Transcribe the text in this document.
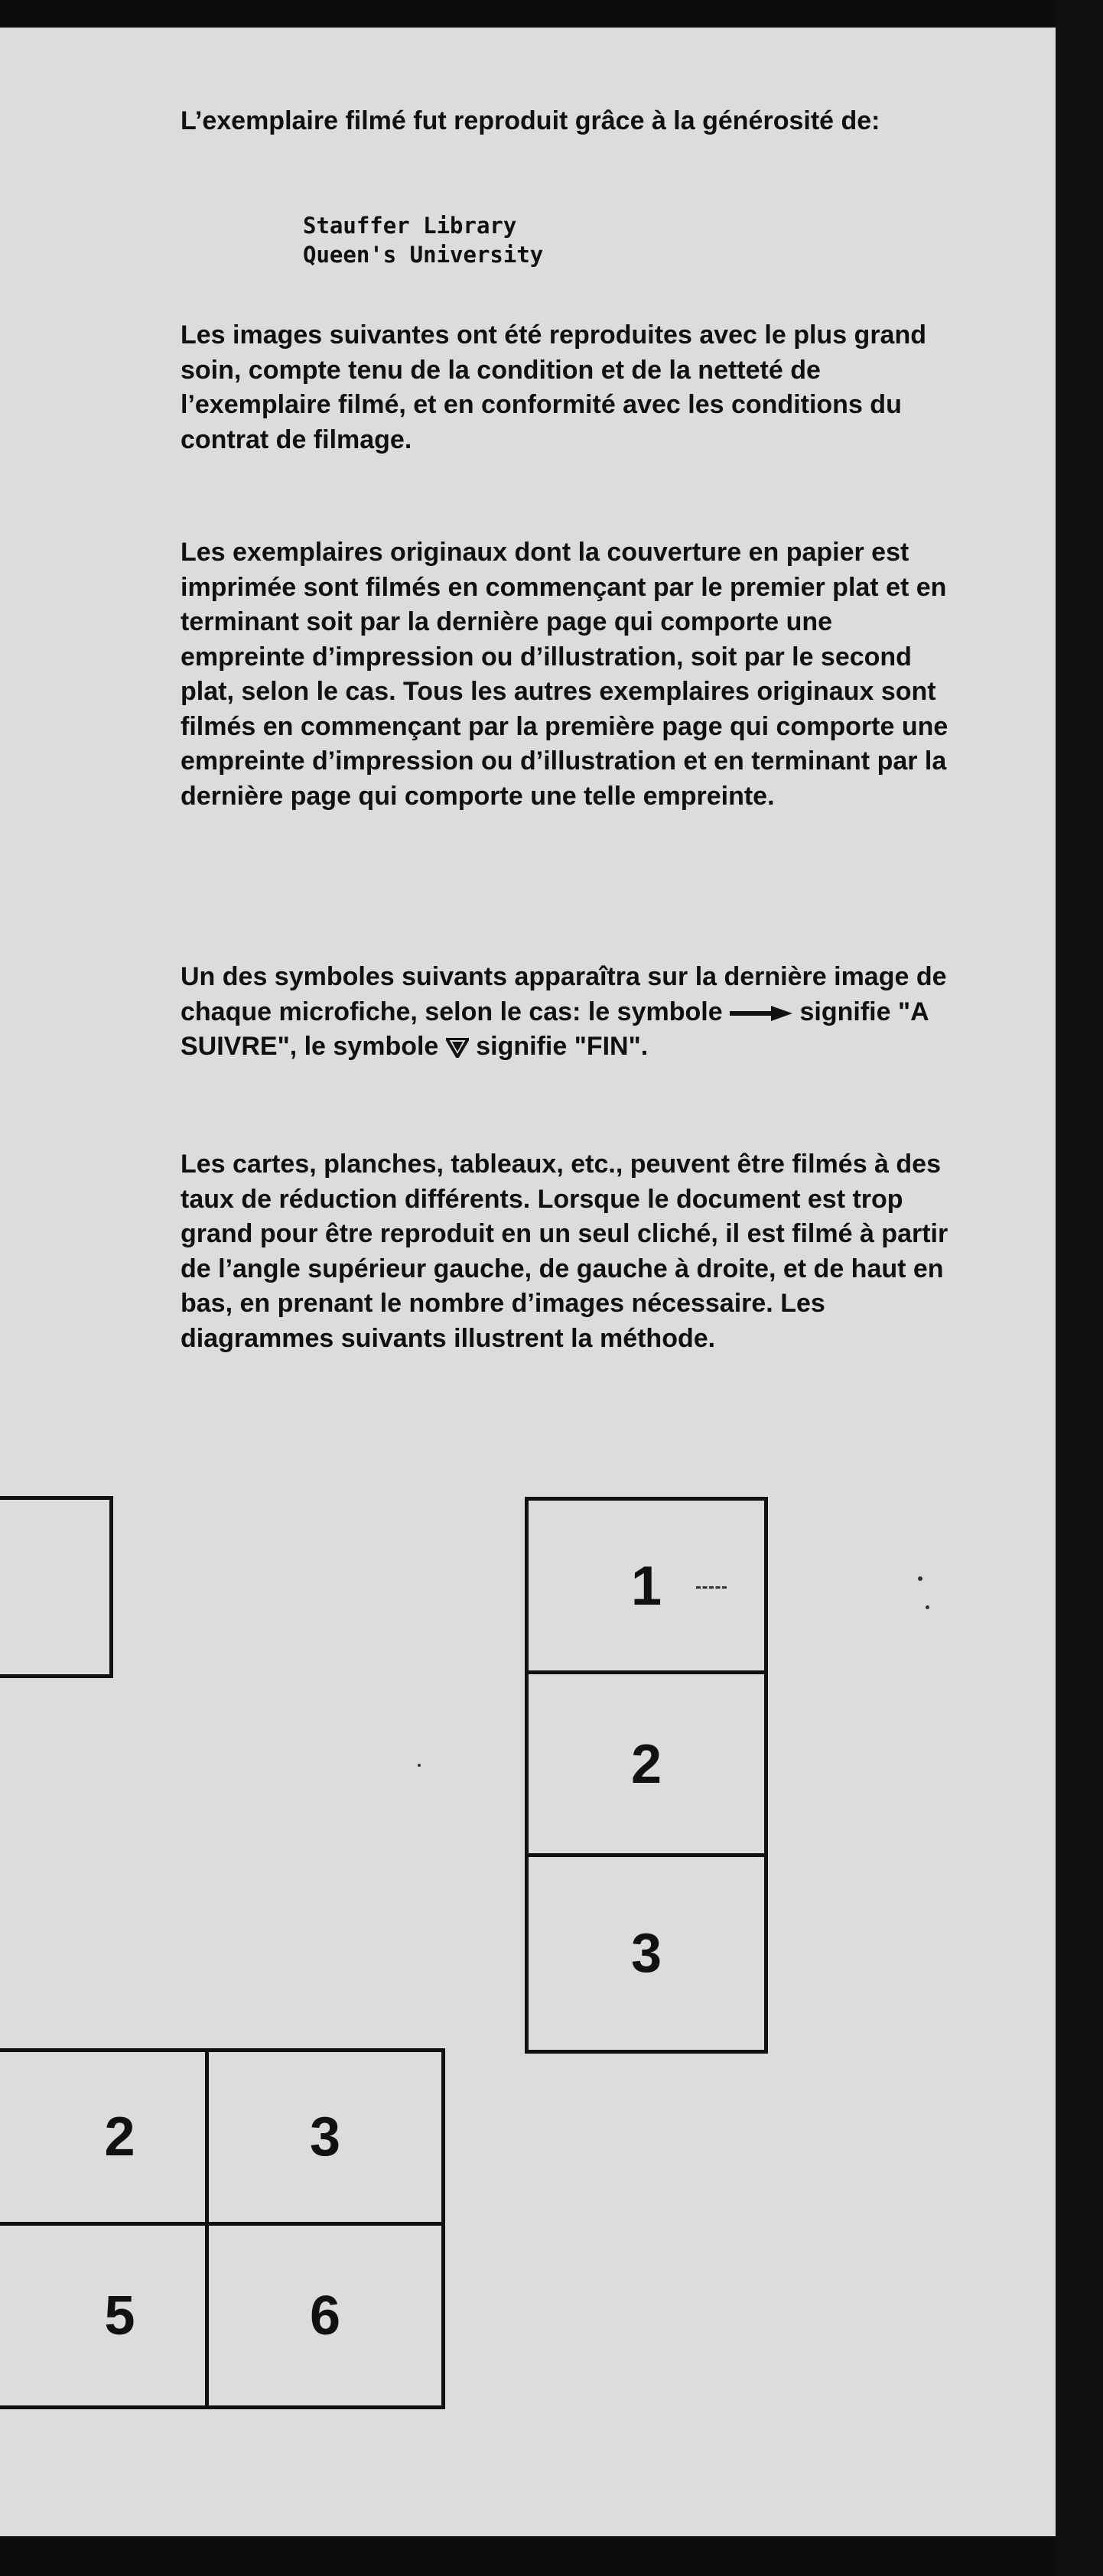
L’exemplaire filmé fut reproduit grâce à la générosité de:

Stauffer Library
Queen's University

Les images suivantes ont été reproduites avec le plus grand soin, compte tenu de la condition et de la netteté de l’exemplaire filmé, et en conformité avec les conditions du contrat de filmage.

Les exemplaires originaux dont la couverture en papier est imprimée sont filmés en commençant par le premier plat et en terminant soit par la dernière page qui comporte une empreinte d’impression ou d’illustration, soit par le second plat, selon le cas. Tous les autres exemplaires originaux sont filmés en commençant par la première page qui comporte une empreinte d’impression ou d’illustration et en terminant par la dernière page qui comporte une telle empreinte.

Un des symboles suivants apparaîtra sur la dernière image de chaque microfiche, selon le cas: le symbole	signifie "A SUIVRE", le symbole signifie "FIN".

Les cartes, planches, tableaux, etc., peuvent être filmés à des taux de réduction différents. Lorsque le document est trop grand pour être reproduit en un seul cliché, il est filmé à partir de l’angle supérieur gauche, de gauche à droite, et de haut en bas, en prenant le nombre d’images nécessaire. Les diagrammes suivants illustrent la méthode.

1
2
3
2	3
5	6
